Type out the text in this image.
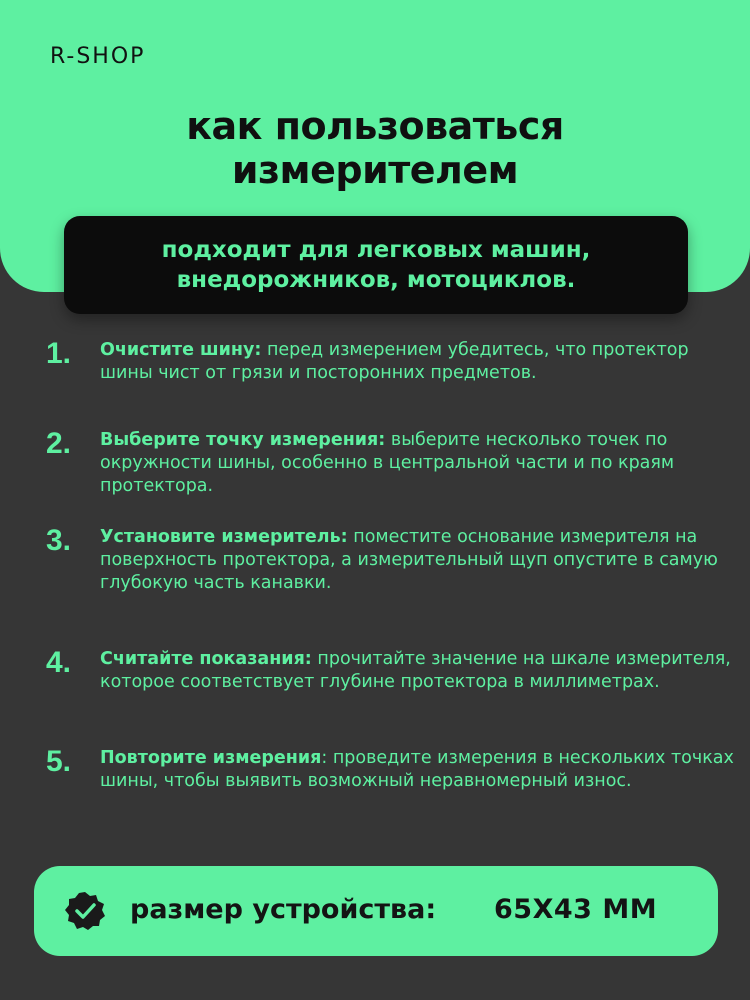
R-SHOP
как пользоваться
измерителем
подходит для легковых машин,
внедорожников, мотоциклов.
1. Очистите шину: перед измерением убедитесь, что протектор шины чист от грязи и посторонних предметов.
2. Выберите точку измерения: выберите несколько точек по окружности шины, особенно в центральной части и по краям протектора.
3. Установите измеритель: поместите основание измерителя на поверхность протектора, а измерительный щуп опустите в самую глубокую часть канавки.
4. Считайте показания: прочитайте значение на шкале измерителя, которое соответствует глубине протектора в миллиметрах.
5. Повторите измерения: проведите измерения в нескольких точках шины, чтобы выявить возможный неравномерный износ.
размер устройства: 65X43 MM
